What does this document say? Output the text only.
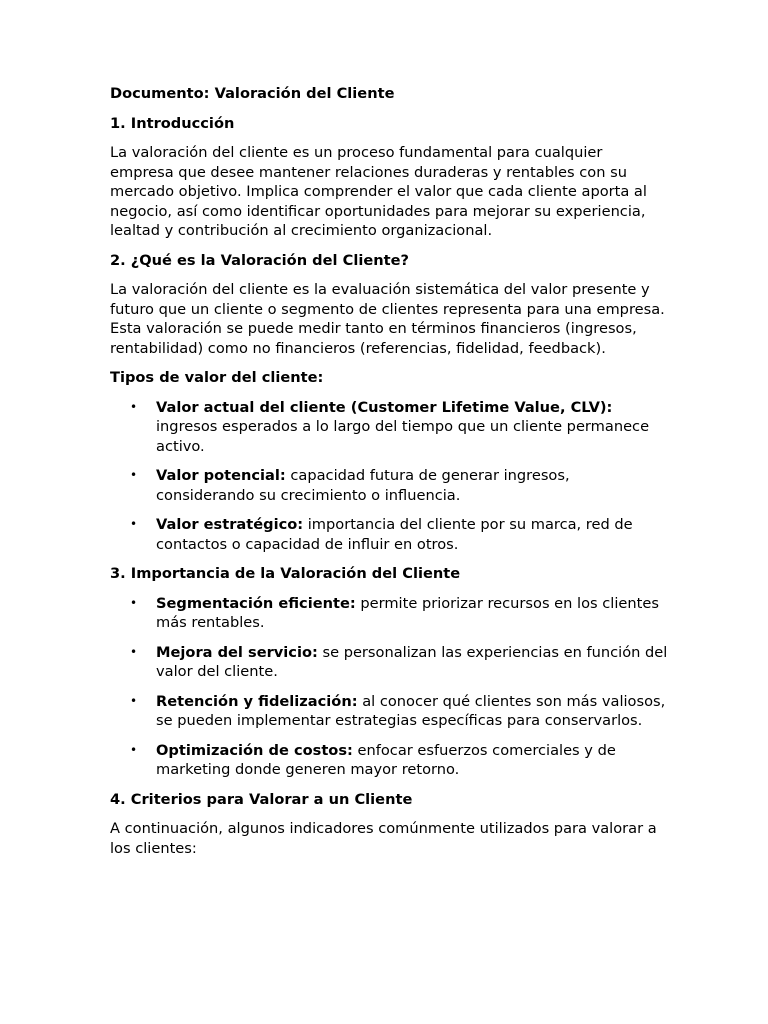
Documento: Valoración del Cliente

1. Introducción

La valoración del cliente es un proceso fundamental para cualquier empresa que desee mantener relaciones duraderas y rentables con su mercado objetivo. Implica comprender el valor que cada cliente aporta al negocio, así como identificar oportunidades para mejorar su experiencia, lealtad y contribución al crecimiento organizacional.

2. ¿Qué es la Valoración del Cliente?

La valoración del cliente es la evaluación sistemática del valor presente y futuro que un cliente o segmento de clientes representa para una empresa. Esta valoración se puede medir tanto en términos financieros (ingresos, rentabilidad) como no financieros (referencias, fidelidad, feedback).

Tipos de valor del cliente:

• Valor actual del cliente (Customer Lifetime Value, CLV): ingresos esperados a lo largo del tiempo que un cliente permanece activo.
• Valor potencial: capacidad futura de generar ingresos, considerando su crecimiento o influencia.
• Valor estratégico: importancia del cliente por su marca, red de contactos o capacidad de influir en otros.

3. Importancia de la Valoración del Cliente

• Segmentación eficiente: permite priorizar recursos en los clientes más rentables.
• Mejora del servicio: se personalizan las experiencias en función del valor del cliente.
• Retención y fidelización: al conocer qué clientes son más valiosos, se pueden implementar estrategias específicas para conservarlos.
• Optimización de costos: enfocar esfuerzos comerciales y de marketing donde generen mayor retorno.

4. Criterios para Valorar a un Cliente

A continuación, algunos indicadores comúnmente utilizados para valorar a los clientes:
